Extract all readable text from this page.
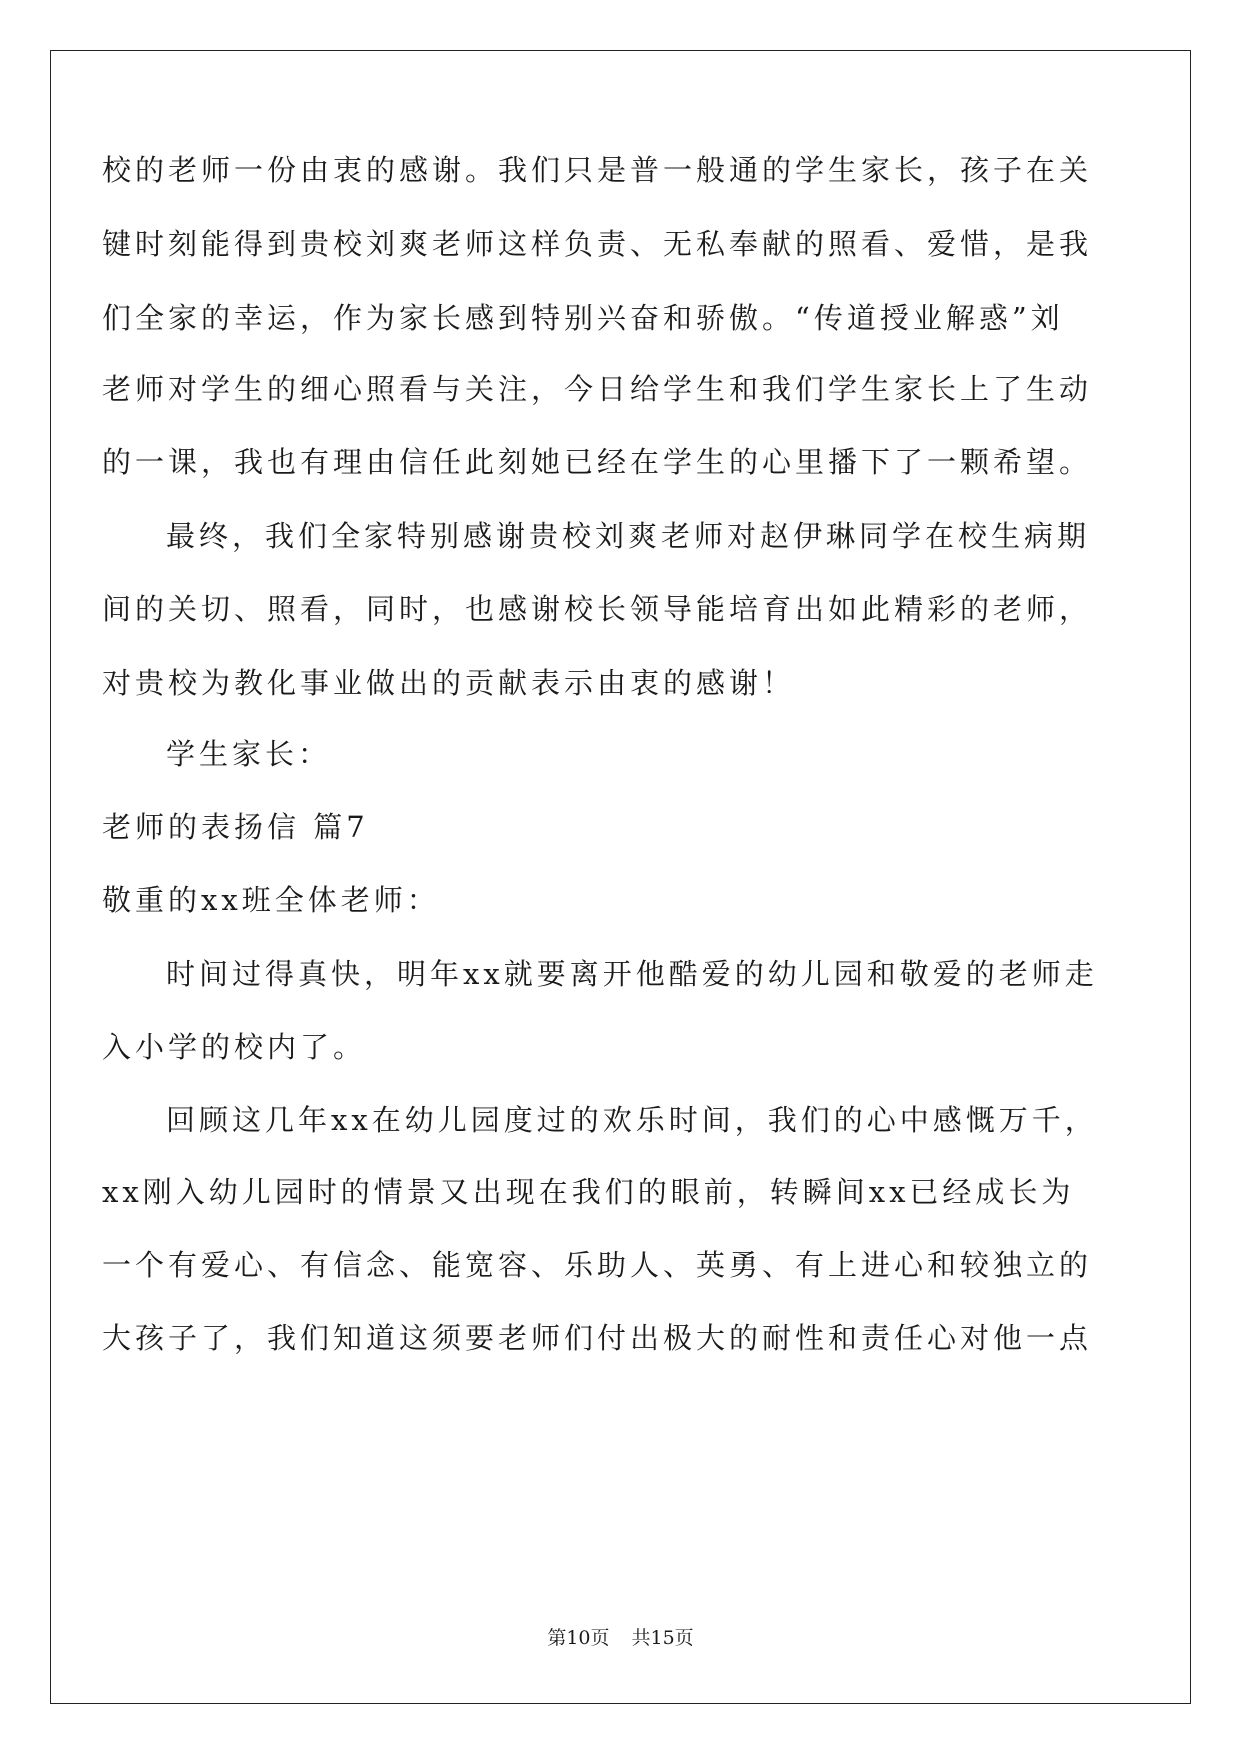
校的老师一份由衷的感谢。我们只是普一般通的学生家长，孩子在关
键时刻能得到贵校刘爽老师这样负责、无私奉献的照看、爱惜，是我
们全家的幸运，作为家长感到特别兴奋和骄傲。“传道授业解惑”刘
老师对学生的细心照看与关注，今日给学生和我们学生家长上了生动
的一课，我也有理由信任此刻她已经在学生的心里播下了一颗希望。
最终，我们全家特别感谢贵校刘爽老师对赵伊琳同学在校生病期
间的关切、照看，同时，也感谢校长领导能培育出如此精彩的老师，
对贵校为教化事业做出的贡献表示由衷的感谢！
学生家长：
老师的表扬信 篇7
敬重的xx班全体老师：
时间过得真快，明年xx就要离开他酷爱的幼儿园和敬爱的老师走
入小学的校内了。
回顾这几年xx在幼儿园度过的欢乐时间，我们的心中感慨万千，
xx刚入幼儿园时的情景又出现在我们的眼前，转瞬间xx已经成长为
一个有爱心、有信念、能宽容、乐助人、英勇、有上进心和较独立的
大孩子了，我们知道这须要老师们付出极大的耐性和责任心对他一点
第10页 共15页
